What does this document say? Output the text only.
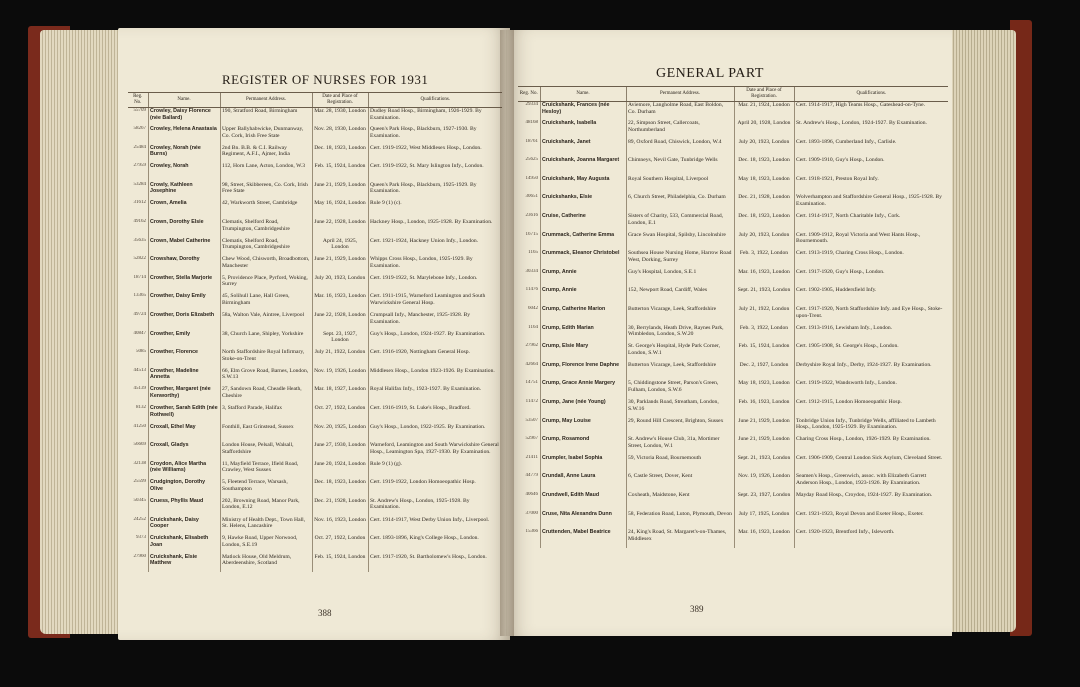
REGISTER OF NURSES FOR 1931
Reg. No.	Name.	Permanent Address.	Date and Place of Registration.	Qualifications.
55709	Crowley, Daisy Florence (née Ballard)	190, Stratford Road, Birmingham	Mar. 28, 1930, London	Dudley Road Hosp., Birmingham, 1926-1929. By Examination.
58267	Crowley, Helena Anastasia	Upper Ballyhabwicke, Dunmanway, Co. Cork, Irish Free State	Nov. 28, 1930, London	Queen's Park Hosp., Blackburn, 1927-1930. By Examination.
25484	Crowley, Norah (née Burns)	2nd Bn. B.B. & C.I. Railway Regiment, A.F.I., Ajmer, India	Dec. 18, 1923, London	Cert. 1919-1922, West Middlesex Hosp., London.
27959	Crowley, Norah	112, Horn Lane, Acton, London, W.3	Feb. 15, 1924, London	Cert. 1919-1922, St. Mary Islington Infy., London.
53284	Crowly, Kathleen Josephine	98, Street, Skibbereen, Co. Cork, Irish Free State	June 21, 1929, London	Queen's Park Hosp., Blackburn, 1925-1929. By Examination.
31612	Crown, Amelia	42, Warkworth Street, Cambridge	May 16, 1924, London	Rule 9 (1) (c).
49162	Crown, Dorothy Elsie	Clematis, Shelford Road, Trumpington, Cambridgeshire	June 22, 1928, London	Hackney Hosp., London, 1925-1928. By Examination.
35635	Crown, Mabel Catherine	Clematis, Shelford Road, Trumpington, Cambridgeshire	April 24, 1925, London	Cert. 1921-1924, Hackney Union Infy., London.
52822	Crowshaw, Dorothy	Chew Wood, Chisworth, Broadbottom, Manchester	June 21, 1929, London	Whipps Cross Hosp., London, 1925-1929. By Examination.
18714	Crowther, Stella Marjorie	5, Providence Place, Pyrford, Woking, Surrey	July 20, 1923, London	Cert. 1919-1922, St. Marylebone Infy., London.
13365	Crowther, Daisy Emily	45, Solihull Lane, Hall Green, Birmingham	Mar. 16, 1923, London	Cert. 1911-1915, Warneford Leamington and South Warwickshire General Hosp.
49724	Crowther, Doris Elizabeth	58a, Walton Vale, Aintree, Liverpool	June 22, 1928, London	Crumpsall Infy., Manchester, 1925-1928. By Examination.
40847	Crowther, Emily	38, Church Lane, Shipley, Yorkshire	Sept. 23, 1927, London	Guy's Hosp., London, 1924-1927. By Examination.
5085	Crowther, Florence	North Staffordshire Royal Infirmary, Stoke-on-Trent	July 21, 1922, London	Cert. 1916-1920, Nottingham General Hosp.
44513	Crowther, Madeline Annetta	66, Elm Grove Road, Barnes, London, S.W.13	Nov. 19, 1926, London	Middlesex Hosp., London 1923-1926. By Examination.
45139	Crowther, Margaret (née Kenworthy)	27, Sandown Road, Cheadle Heath, Cheshire	Mar. 18, 1927, London	Royal Halifax Infy., 1923-1927. By Examination.
8132	Crowther, Sarah Edith (née Rothwell)	3, Stafford Parade, Halifax	Oct. 27, 1922, London	Cert. 1916-1919, St. Luke's Hosp., Bradford.
41250	Croxall, Ethel May	Fonthill, East Grinstead, Sussex	Nov. 20, 1925, London	Guy's Hosp., London, 1922-1925. By Examination.
56669	Croxall, Gladys	London House, Pelsall, Walsall, Staffordshire	June 27, 1930, London	Warneford, Leamington and South Warwickshire General Hosp., Leamington Spa, 1927-1930. By Examination.
32138	Croydon, Alice Martha (née Williams)	11, Mayfield Terrace, Ifield Road, Crawley, West Sussex	June 20, 1924, London	Rule 9 (1) (g).
25599	Crudgington, Dorothy Olive	5, Fleetend Terrace, Warsash, Southampton	Dec. 18, 1923, London	Cert. 1919-1922, London Homoeopathic Hosp.
50345	Cruess, Phyllis Maud	202, Browning Road, Manor Park, London, E.12	Dec. 21, 1928, London	St. Andrew's Hosp., London, 1925-1928. By Examination.
24252	Cruickshank, Daisy Cooper	Ministry of Health Dept., Town Hall, St. Helens, Lancashire	Nov. 16, 1923, London	Cert. 1914-1917, West Derby Union Infy., Liverpool.
9373	Cruickshank, Elisabeth Joan	9, Hawke Road, Upper Norwood, London, S.E.19	Oct. 27, 1922, London	Cert. 1893-1896, King's College Hosp., London.
27960	Cruickshank, Elsie Matthew	Matlock House, Old Meldrum, Aberdeenshire, Scotland	Feb. 15, 1924, London	Cert. 1917-1920, St. Bartholomew's Hosp., London.
388
GENERAL PART
Reg. No.	Name.	Permanent Address.	Date and Place of Registration.	Qualifications.
29334	Cruickshank, Frances (née Hesloy)	Aviemore, Langholme Road, East Boldon, Co. Durham	Mar. 21, 1924, London	Cert. 1914-1917, High Teams Hosp., Gateshead-on-Tyne.
48168	Cruickshank, Isabella	22, Simpson Street, Callercoats, Northumberland	April 20, 1928, London	St. Andrew's Hosp., London, 1924-1927. By Examination.
18761	Cruickshank, Janet	89, Oxford Road, Chiswick, London, W.4	July 20, 1923, London	Cert. 1893-1896, Cumberland Infy., Carlisle.
25625	Cruickshank, Joanna Margaret	Chimneys, Nevil Gate, Tunbridge Wells	Dec. 18, 1923, London	Cert. 1909-1910, Guy's Hosp., London.
14950	Cruickshank, May Augusta	Royal Southern Hospital, Liverpool	May 18, 1923, London	Cert. 1918-1921, Preston Royal Infy.
30651	Cruickshanks, Elsie	6, Church Street, Philadelphia, Co. Durham	Dec. 21, 1928, London	Wolverhampton and Staffordshire General Hosp., 1925-1928. By Examination.
23616	Cruise, Catherine	Sisters of Charity, 533, Commercial Road, London, E.1	Dec. 18, 1923, London	Cert. 1914-1917, North Charitable Infy., Cork.
16715	Crummack, Catherine Emma	Grace Swan Hospital, Spilsby, Lincolnshire	July 20, 1923, London	Cert. 1909-1912, Royal Victoria and West Hants Hosp., Bournemouth.
1165	Crummack, Eleanor Christobel	Southsea House Nursing Home, Harrow Road West, Dorking, Surrey	Feb. 3, 1922, London	Cert. 1913-1919, Charing Cross Hosp., London.
30334	Crump, Annie	Guy's Hospital, London, S.E.1	Mar. 16, 1923, London	Cert. 1917-1920, Guy's Hosp., London.
11476	Crump, Annie	152, Newport Road, Cardiff, Wales	Sept. 21, 1923, London	Cert. 1902-1905, Huddersfield Infy.
6042	Crump, Catherine Marion	Butterton Vicarage, Leek, Staffordshire	July 21, 1922, London	Cert. 1917-1920, North Staffordshire Infy. and Eye Hosp., Stoke-upon-Trent.
1164	Crump, Edith Marian	30, Berrylands, Heath Drive, Raynes Park, Wimbledon, London, S.W.20	Feb. 3, 1922, London	Cert. 1913-1916, Lewisham Infy., London.
27962	Crump, Elsie Mary	St. George's Hospital, Hyde Park Corner, London, S.W.1	Feb. 15, 1924, London	Cert. 1905-1908, St. George's Hosp., London.
42664	Crump, Florence Irene Daphne	Butterton Vicarage, Leek, Staffordshire	Dec. 2, 1927, London	Derbyshire Royal Infy., Derby, 1924-1927. By Examination.
14751	Crump, Grace Annie Margery	5, Chiddingstone Street, Parson's Green, Fulham, London, S.W.6	May 18, 1923, London	Cert. 1919-1922, Wandsworth Infy., London.
11472	Crump, Jane (née Young)	30, Parklands Road, Streatham, London, S.W.16	Feb. 16, 1923, London	Cert. 1912-1915, London Homoeopathic Hosp.
53507	Crump, May Louise	29, Round Hill Crescent, Brighton, Sussex	June 21, 1929, London	Tonbridge Union Infy., Tunbridge Wells, affiliated to Lambeth Hosp., London, 1925-1929. By Examination.
52967	Crump, Rosamond	St. Andrew's House Club, 31a, Mortimer Street, London, W.1	June 21, 1929, London	Charing Cross Hosp., London, 1926-1929. By Examination.
21411	Crumpler, Isabel Sophia	59, Victoria Road, Bournemouth	Sept. 21, 1923, London	Cert. 1906-1909, Central London Sick Asylum, Cleveland Street.
44779	Crundall, Anne Laura	6, Castle Street, Dover, Kent	Nov. 19, 1926, London	Seamen's Hosp., Greenwich, assoc. with Elizabeth Garrett Anderson Hosp., London, 1923-1926. By Examination.
40646	Crundwell, Edith Maud	Coxheath, Maidstone, Kent	Sept. 23, 1927, London	Mayday Road Hosp., Croydon, 1924-1927. By Examination.
37000	Cruse, Nita Alexandra Dunn	58, Federation Road, Luton, Plymouth, Devon	July 17, 1925, London	Cert. 1921-1923, Royal Devon and Exeter Hosp., Exeter.
15366	Cruttenden, Mabel Beatrice	24, King's Road, St. Margaret's-on-Thames, Middlesex	Mar. 16, 1923, London	Cert. 1920-1923, Brentford Infy., Isleworth.
389
